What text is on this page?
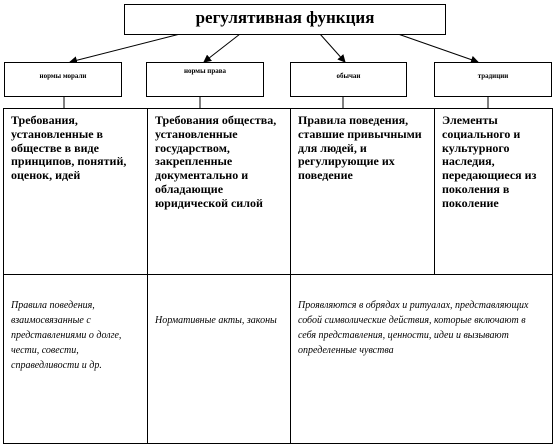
регулятивная функция
нормы морали
нормы права
обычаи	традиции
Требования, установленные в обществе в виде принципов, понятий, оценок, идей
Требования общества, установленные государством, закрепленные документально и обладающие юридической силой
Правила поведения, ставшие привычными для людей, и регулирующие их поведение
Элементы социального и культурного наследия, передающиеся из поколения в поколение
Правила поведения, взаимосвязанные с представлениями о долге, чести, совести, справедливости и др.
Нормативные акты, законы
Проявляются в обрядах и ритуалах, представляющих собой символические действия, которые включают в себя представления, ценности, идеи и вызывают определенные чувства
